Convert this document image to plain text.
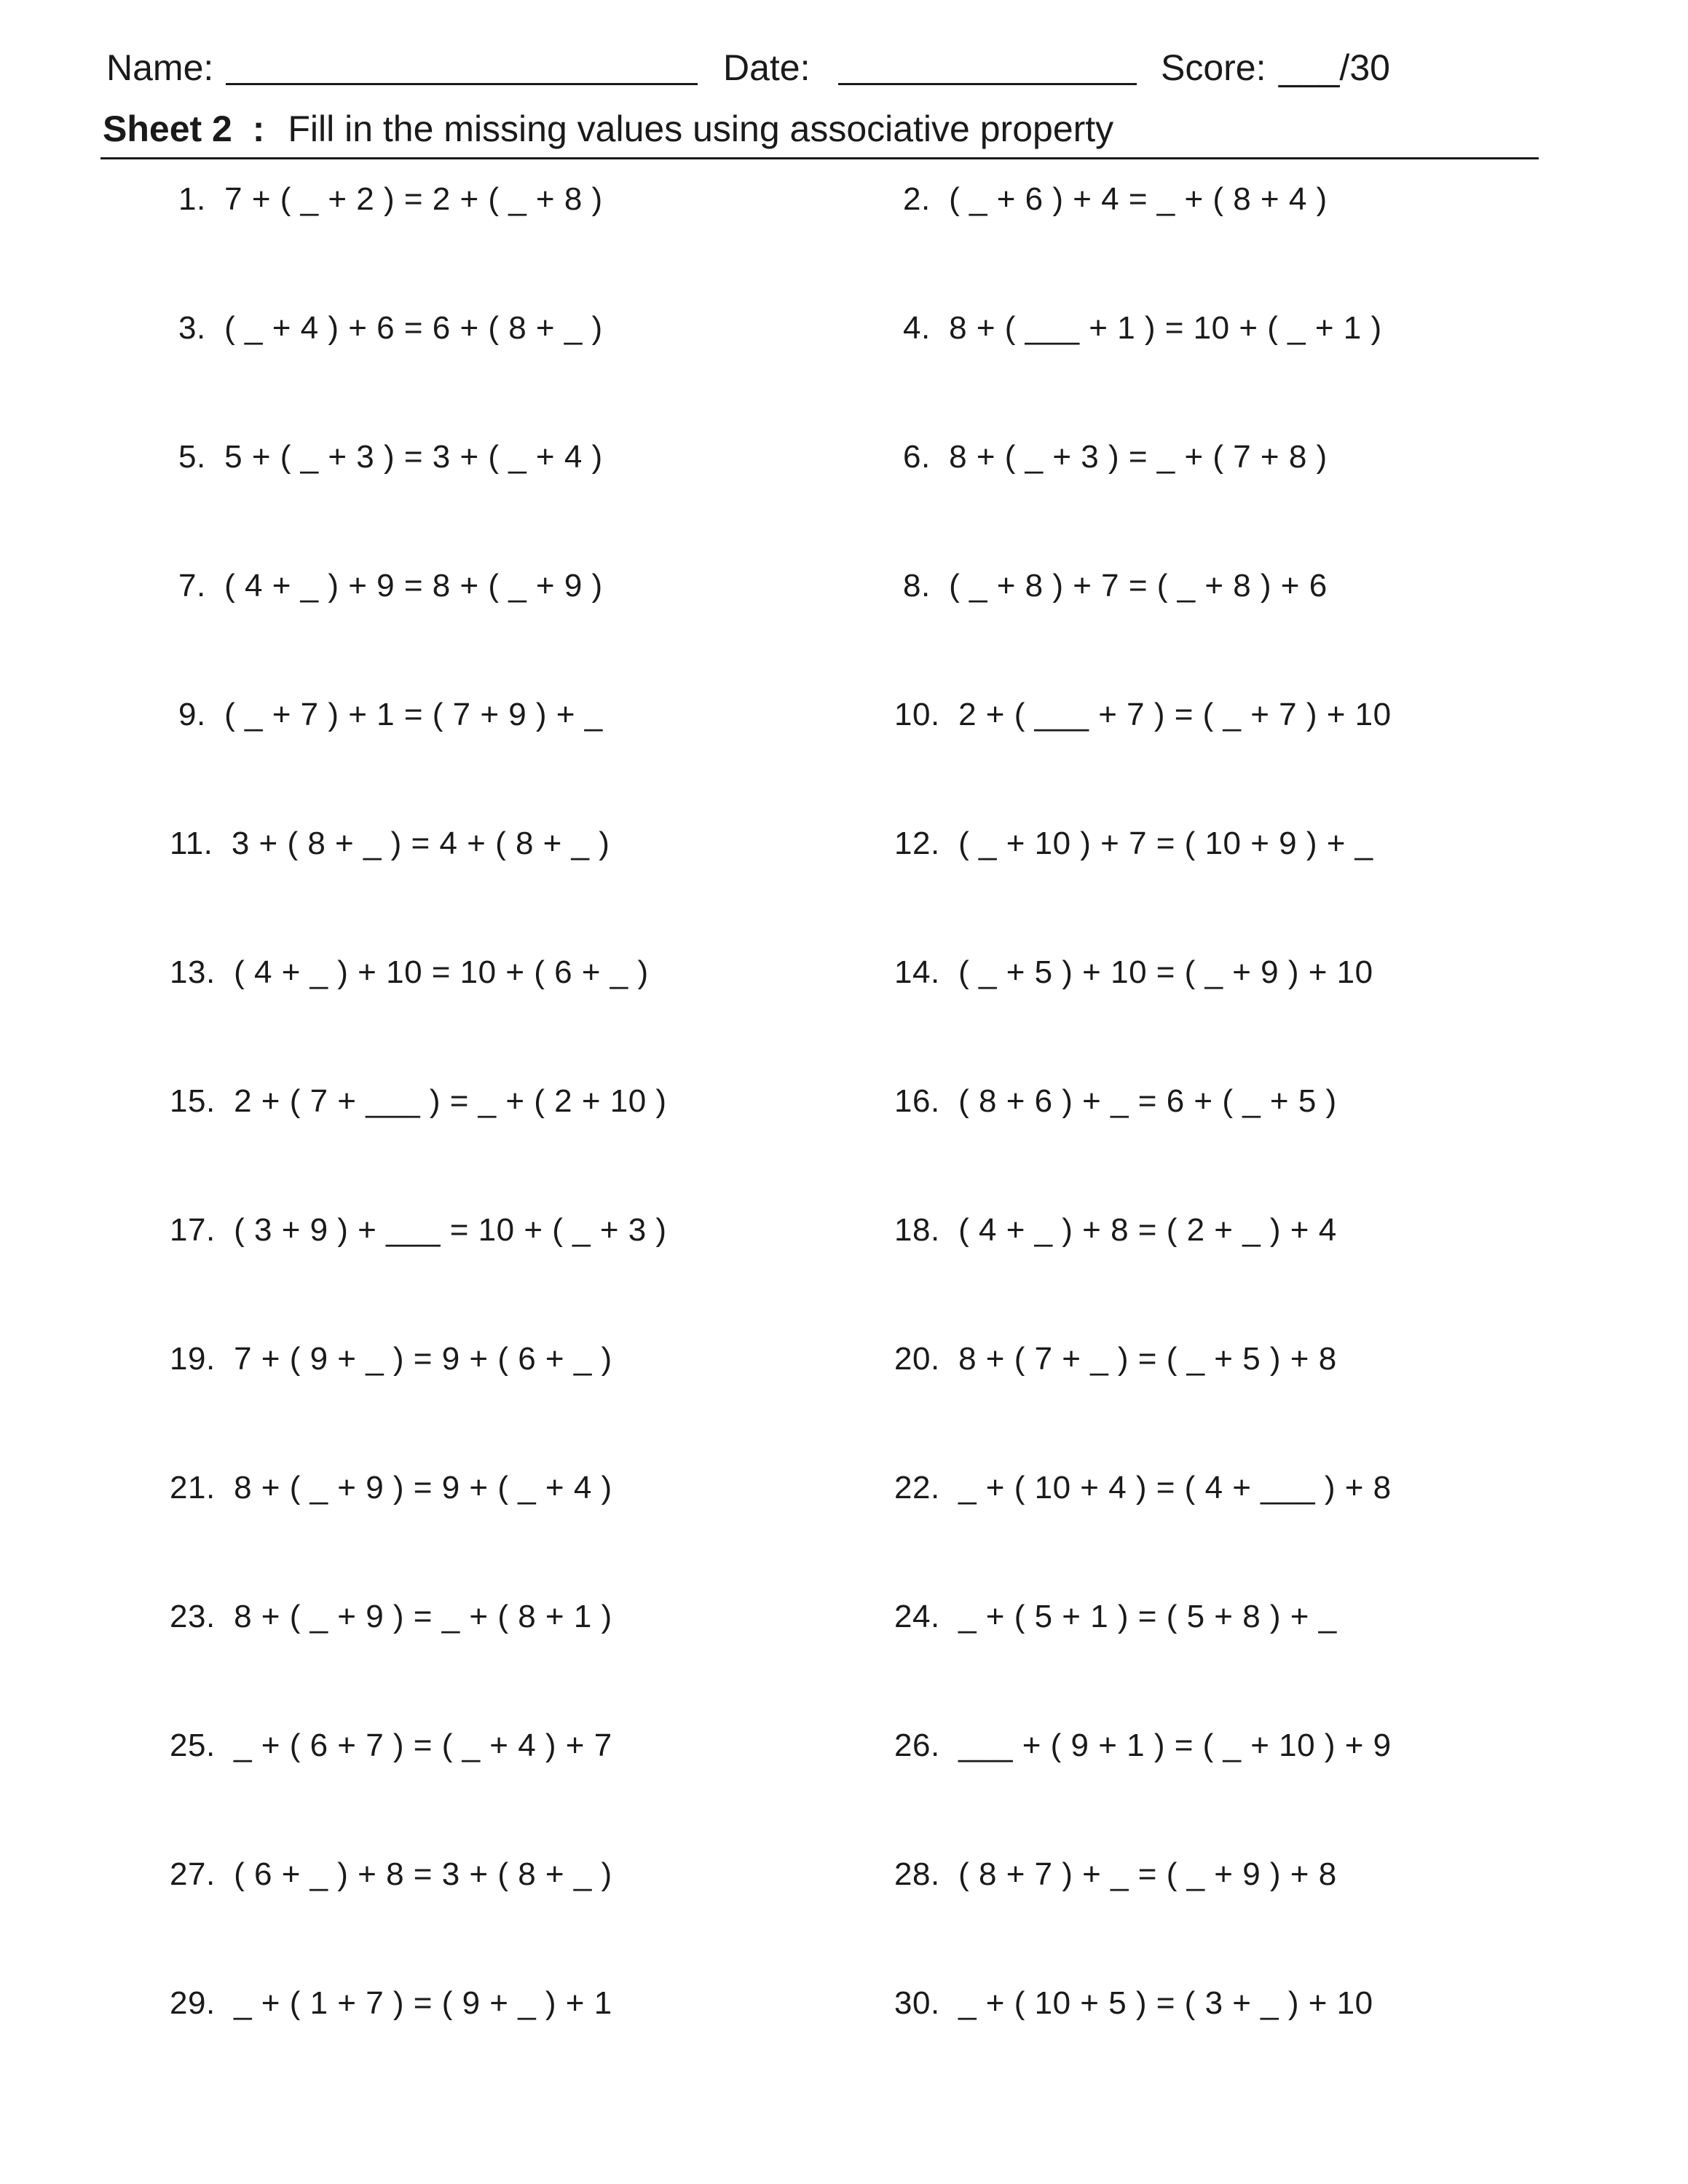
Name:	Date:	Score: ___/30
Sheet 2 : Fill in the missing values using associative property
1.  7 + ( _ + 2 ) = 2 + ( _ + 8 )	2.  ( _ + 6 ) + 4 = _ + ( 8 + 4 )
3.  ( _ + 4 ) + 6 = 6 + ( 8 + _ )	4.  8 + ( ___ + 1 ) = 10 + ( _ + 1 )
5.  5 + ( _ + 3 ) = 3 + ( _ + 4 )	6.  8 + ( _ + 3 ) = _ + ( 7 + 8 )
7.  ( 4 + _ ) + 9 = 8 + ( _ + 9 )	8.  ( _ + 8 ) + 7 = ( _ + 8 ) + 6
9.  ( _ + 7 ) + 1 = ( 7 + 9 ) + _	10.  2 + ( ___ + 7 ) = ( _ + 7 ) + 10
11.  3 + ( 8 + _ ) = 4 + ( 8 + _ )	12.  ( _ + 10 ) + 7 = ( 10 + 9 ) + _
13.  ( 4 + _ ) + 10 = 10 + ( 6 + _ )	14.  ( _ + 5 ) + 10 = ( _ + 9 ) + 10
15.  2 + ( 7 + ___ ) = _ + ( 2 + 10 )	16.  ( 8 + 6 ) + _ = 6 + ( _ + 5 )
17.  ( 3 + 9 ) + ___ = 10 + ( _ + 3 )	18.  ( 4 + _ ) + 8 = ( 2 + _ ) + 4
19.  7 + ( 9 + _ ) = 9 + ( 6 + _ )	20.  8 + ( 7 + _ ) = ( _ + 5 ) + 8
21.  8 + ( _ + 9 ) = 9 + ( _ + 4 )	22.  _ + ( 10 + 4 ) = ( 4 + ___ ) + 8
23.  8 + ( _ + 9 ) = _ + ( 8 + 1 )	24.  _ + ( 5 + 1 ) = ( 5 + 8 ) + _
25.  _ + ( 6 + 7 ) = ( _ + 4 ) + 7	26.  ___ + ( 9 + 1 ) = ( _ + 10 ) + 9
27.  ( 6 + _ ) + 8 = 3 + ( 8 + _ )	28.  ( 8 + 7 ) + _ = ( _ + 9 ) + 8
29.  _ + ( 1 + 7 ) = ( 9 + _ ) + 1	30.  _ + ( 10 + 5 ) = ( 3 + _ ) + 10
